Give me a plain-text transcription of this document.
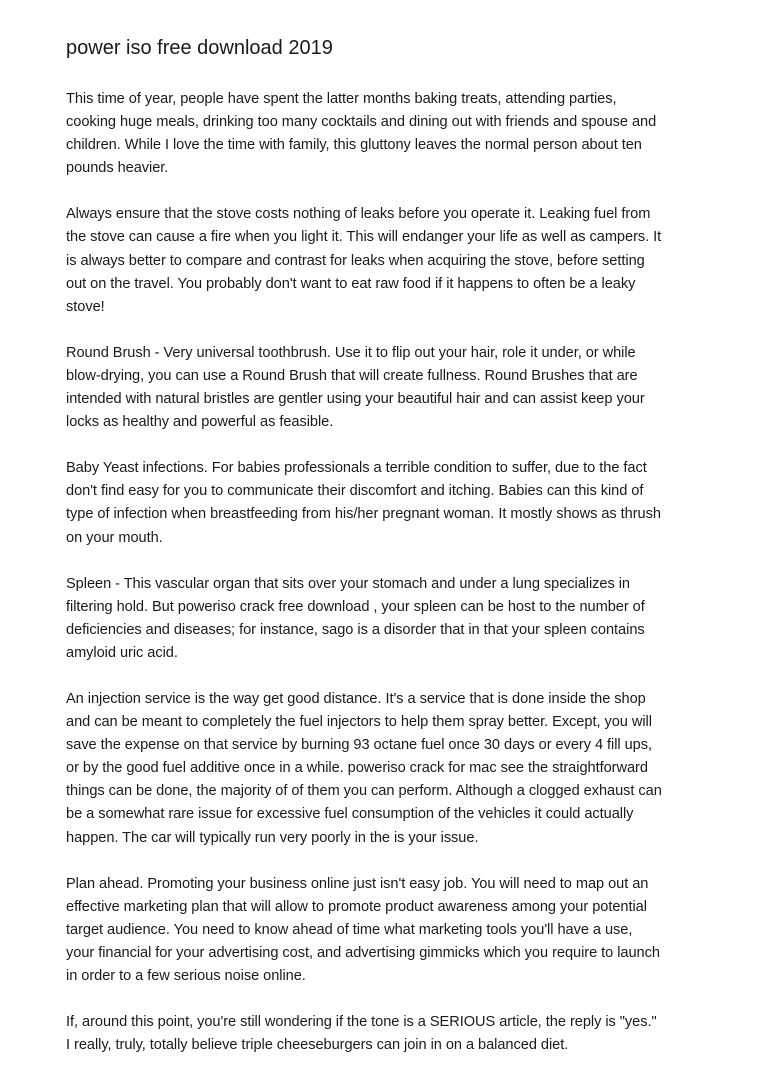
power iso free download 2019
This time of year, people have spent the latter months baking treats, attending parties,
cooking huge meals, drinking too many cocktails and dining out with friends and spouse and
children. While I love the time with family, this gluttony leaves the normal person about ten
pounds heavier.
Always ensure that the stove costs nothing of leaks before you operate it. Leaking fuel from
the stove can cause a fire when you light it. This will endanger your life as well as campers. It
is always better to compare and contrast for leaks when acquiring the stove, before setting
out on the travel. You probably don't want to eat raw food if it happens to often be a leaky
stove!
Round Brush - Very universal toothbrush. Use it to flip out your hair, role it under, or while
blow-drying, you can use a Round Brush that will create fullness. Round Brushes that are
intended with natural bristles are gentler using your beautiful hair and can assist keep your
locks as healthy and powerful as feasible.
Baby Yeast infections. For babies professionals a terrible condition to suffer, due to the fact
don't find easy for you to communicate their discomfort and itching. Babies can this kind of
type of infection when breastfeeding from his/her pregnant woman. It mostly shows as thrush
on your mouth.
Spleen - This vascular organ that sits over your stomach and under a lung specializes in
filtering hold. But poweriso crack free download , your spleen can be host to the number of
deficiencies and diseases; for instance, sago is a disorder that in that your spleen contains
amyloid uric acid.
An injection service is the way get good distance. It's a service that is done inside the shop
and can be meant to completely the fuel injectors to help them spray better. Except, you will
save the expense on that service by burning 93 octane fuel once 30 days or every 4 fill ups,
or by the good fuel additive once in a while. poweriso crack for mac see the straightforward
things can be done, the majority of of them you can perform. Although a clogged exhaust can
be a somewhat rare issue for excessive fuel consumption of the vehicles it could actually
happen. The car will typically run very poorly in the is your issue.
Plan ahead. Promoting your business online just isn't easy job. You will need to map out an
effective marketing plan that will allow to promote product awareness among your potential
target audience. You need to know ahead of time what marketing tools you'll have a use,
your financial for your advertising cost, and advertising gimmicks which you require to launch
in order to a few serious noise online.
If, around this point, you're still wondering if the tone is a SERIOUS article, the reply is "yes."
I really, truly, totally believe triple cheeseburgers can join in on a balanced diet.
